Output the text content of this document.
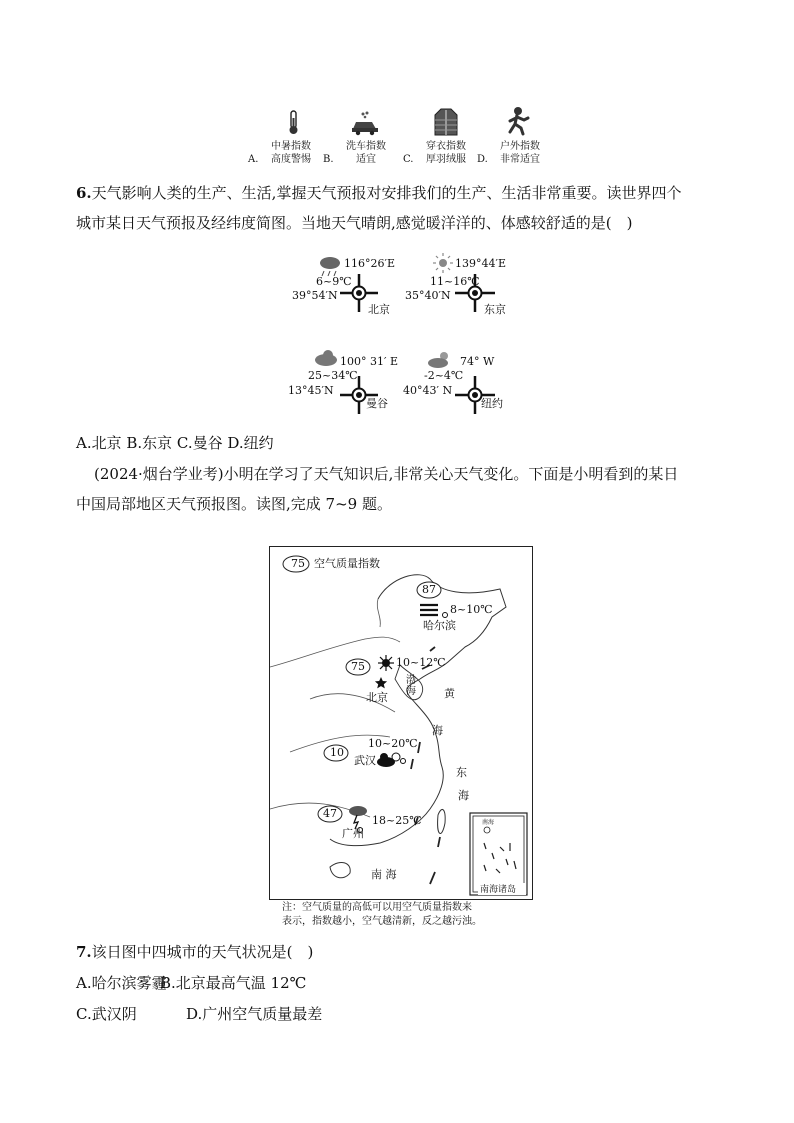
中暑指数
A.	高度警惕
洗车指数
B.	适宜
穿衣指数
C.	厚羽绒服
户外指数
D.	非常适宜
6.天气影响人类的生产、生活,掌握天气预报对安排我们的生产、生活非常重要。读世界四个
城市某日天气预报及经纬度简图。当地天气晴朗,感觉暖洋洋的、体感较舒适的是(　)
116°26′E
6~9℃
39°54′N
北京
139°44′E
11~16℃
35°40′N
东京
100° 31′ E
25~34℃
13°45′N
曼谷
74° W
-2~4℃
40°43′ N
纽约
A.北京 B.东京 C.曼谷 D.纽约
(2024·烟台学业考)小明在学习了天气知识后,非常关心天气变化。下面是小明看到的某日
中国局部地区天气预报图。读图,完成 7~9 题。
75 空气质量指数
87
8~10℃
哈尔滨
75	10~12℃
北京
10
10~20℃
武汉
47
18~25℃
广州
渤海	黄
海
东
海
南 海
南海
南海诸岛
注：空气质量的高低可以用空气质量指数来
表示，指数越小，空气越清新，反之越污浊。
7.该日图中四城市的天气状况是(　)
A.哈尔滨雾霾
B.北京最高气温 12℃
C.武汉阴	D.广州空气质量最差
